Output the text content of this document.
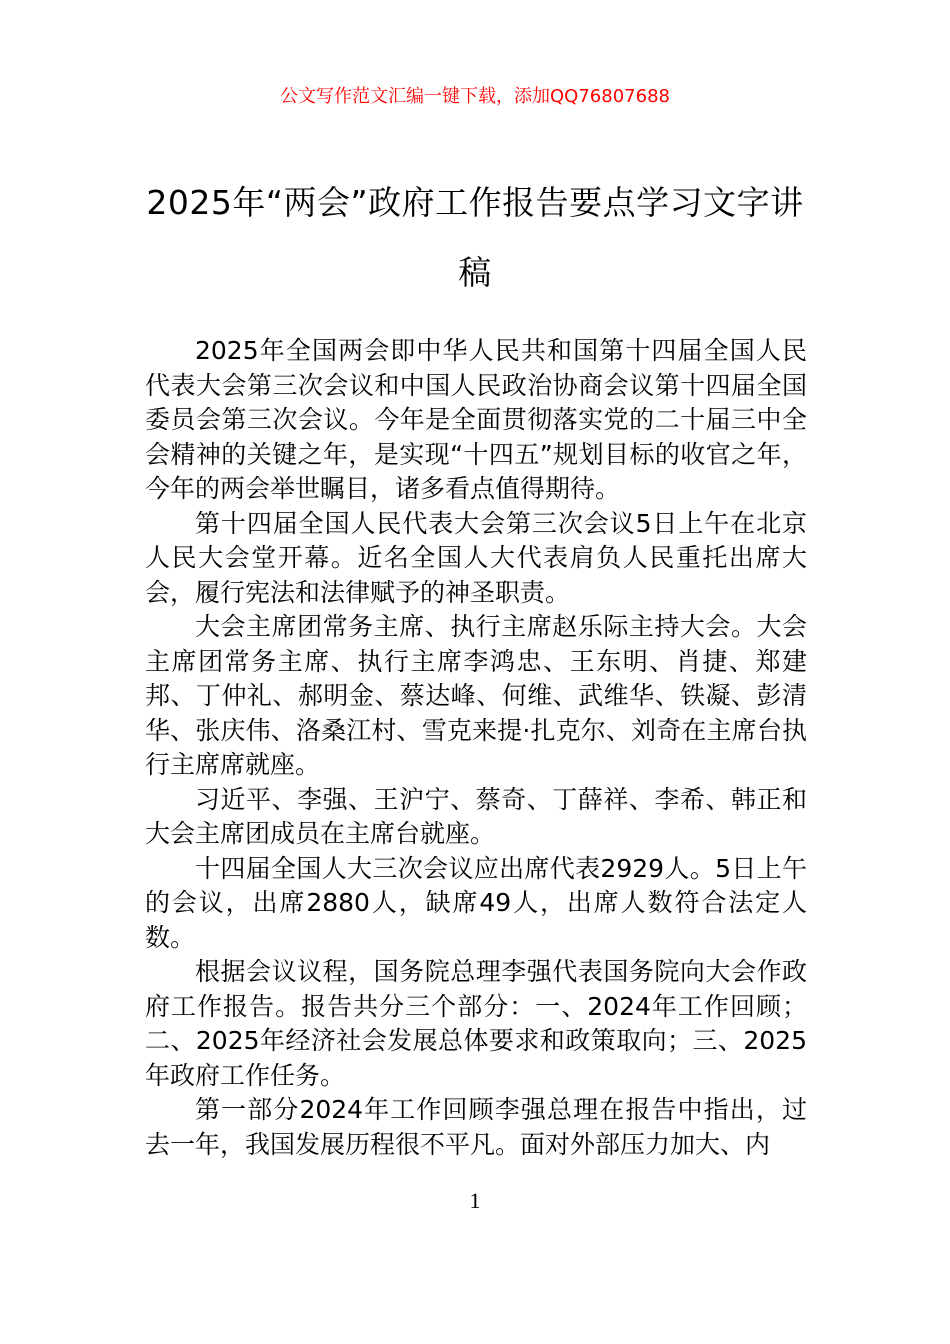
公文写作范文汇编一键下载，添加QQ76807688
2025年“两会”政府工作报告要点学习文字讲稿

2025年全国两会即中华人民共和国第十四届全国人民代表大会第三次会议和中国人民政治协商会议第十四届全国委员会第三次会议。今年是全面贯彻落实党的二十届三中全会精神的关键之年，是实现“十四五”规划目标的收官之年，今年的两会举世瞩目，诸多看点值得期待。

第十四届全国人民代表大会第三次会议5日上午在北京人民大会堂开幕。近名全国人大代表肩负人民重托出席大会，履行宪法和法律赋予的神圣职责。

大会主席团常务主席、执行主席赵乐际主持大会。大会主席团常务主席、执行主席李鸿忠、王东明、肖捷、郑建邦、丁仲礼、郝明金、蔡达峰、何维、武维华、铁凝、彭清华、张庆伟、洛桑江村、雪克来提·扎克尔、刘奇在主席台执行主席席就座。

习近平、李强、王沪宁、蔡奇、丁薛祥、李希、韩正和大会主席团成员在主席台就座。

十四届全国人大三次会议应出席代表2929人。5日上午的会议，出席2880人，缺席49人，出席人数符合法定人数。

根据会议议程，国务院总理李强代表国务院向大会作政府工作报告。报告共分三个部分：一、2024年工作回顾；二、2025年经济社会发展总体要求和政策取向；三、2025年政府工作任务。

第一部分2024年工作回顾李强总理在报告中指出，过去一年，我国发展历程很不平凡。面对外部压力加大、内

1
